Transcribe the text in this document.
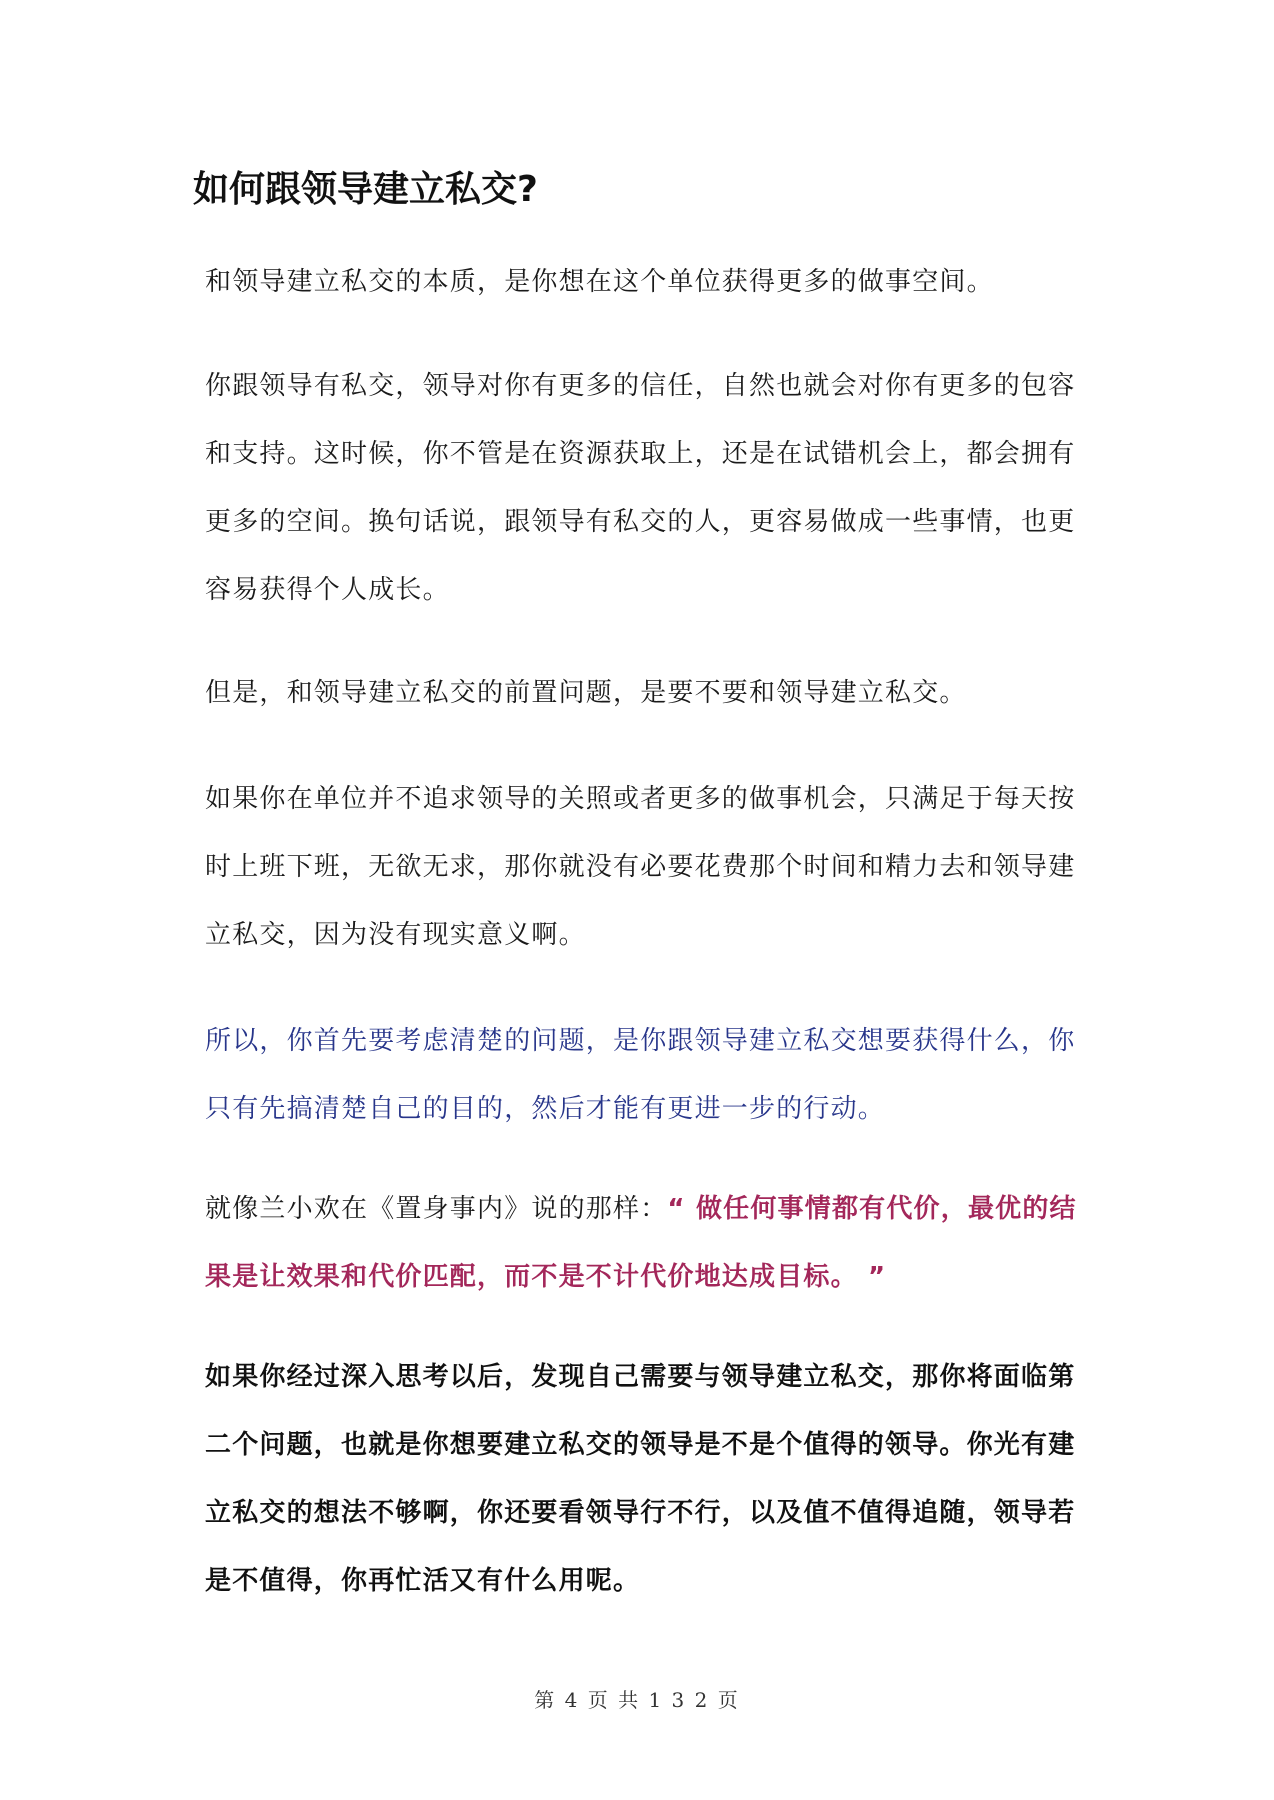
如何跟领导建立私交?
和领导建立私交的本质，是你想在这个单位获得更多的做事空间。
你跟领导有私交，领导对你有更多的信任，自然也就会对你有更多的包容
和支持。这时候，你不管是在资源获取上，还是在试错机会上，都会拥有
更多的空间。换句话说，跟领导有私交的人，更容易做成一些事情，也更
容易获得个人成长。
但是，和领导建立私交的前置问题，是要不要和领导建立私交。
如果你在单位并不追求领导的关照或者更多的做事机会，只满足于每天按
时上班下班，无欲无求，那你就没有必要花费那个时间和精力去和领导建
立私交，因为没有现实意义啊。
所以，你首先要考虑清楚的问题，是你跟领导建立私交想要获得什么，你
只有先搞清楚自己的目的，然后才能有更进一步的行动。
就像兰小欢在《置身事内》说的那样：“ 做任何事情都有代价，最优的结
果是让效果和代价匹配，而不是不计代价地达成目标。 ”
如果你经过深入思考以后，发现自己需要与领导建立私交，那你将面临第
二个问题，也就是你想要建立私交的领导是不是个值得的领导。你光有建
立私交的想法不够啊，你还要看领导行不行，以及值不值得追随，领导若
是不值得，你再忙活又有什么用呢。
第 4 页 共 1 3 2 页
